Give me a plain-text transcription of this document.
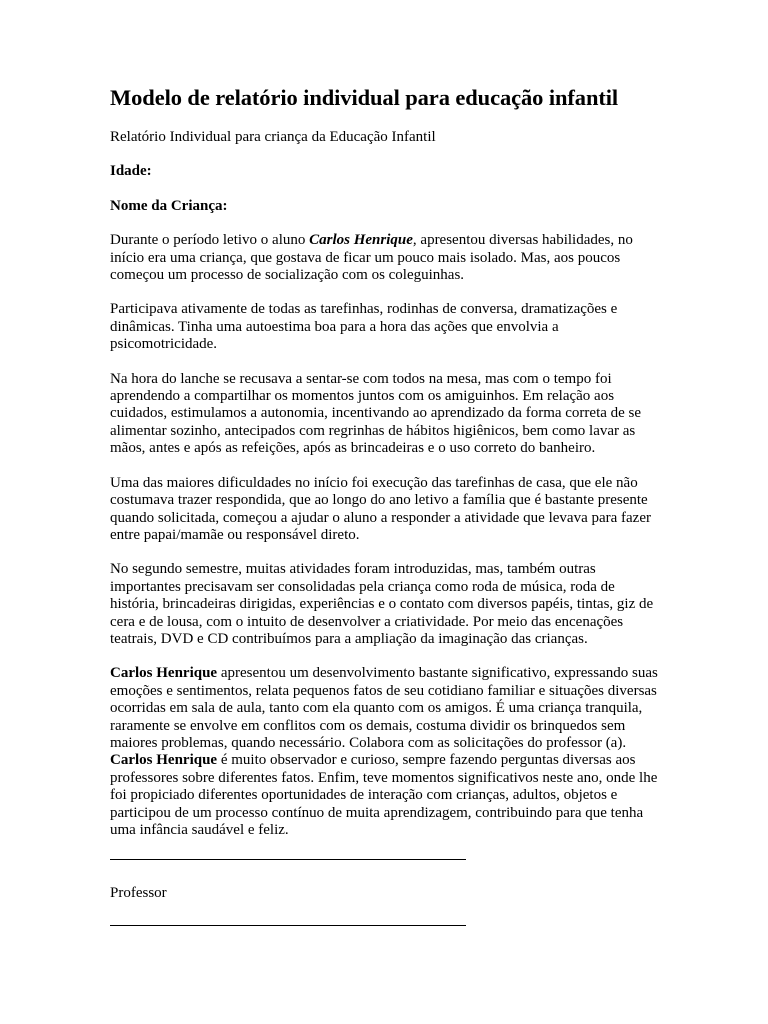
Modelo de relatório individual para educação infantil

Relatório Individual para criança da Educação Infantil

Idade:

Nome da Criança:

Durante o período letivo o aluno Carlos Henrique, apresentou diversas habilidades, no início era uma criança, que gostava de ficar um pouco mais isolado. Mas, aos poucos começou um processo de socialização com os coleguinhas.

Participava ativamente de todas as tarefinhas, rodinhas de conversa, dramatizações e dinâmicas. Tinha uma autoestima boa para a hora das ações que envolvia a psicomotricidade.

Na hora do lanche se recusava a sentar-se com todos na mesa, mas com o tempo foi aprendendo a compartilhar os momentos juntos com os amiguinhos. Em relação aos cuidados, estimulamos a autonomia, incentivando ao aprendizado da forma correta de se alimentar sozinho, antecipados com regrinhas de hábitos higiênicos, bem como lavar as mãos, antes e após as refeições, após as brincadeiras e o uso correto do banheiro.

Uma das maiores dificuldades no início foi execução das tarefinhas de casa, que ele não costumava trazer respondida, que ao longo do ano letivo a família que é bastante presente quando solicitada, começou a ajudar o aluno a responder a atividade que levava para fazer entre papai/mamãe ou responsável direto.

No segundo semestre, muitas atividades foram introduzidas, mas, também outras importantes precisavam ser consolidadas pela criança como roda de música, roda de história, brincadeiras dirigidas, experiências e o contato com diversos papéis, tintas, giz de cera e de lousa, com o intuito de desenvolver a criatividade. Por meio das encenações teatrais, DVD e CD contribuímos para a ampliação da imaginação das crianças.

Carlos Henrique apresentou um desenvolvimento bastante significativo, expressando suas emoções e sentimentos, relata pequenos fatos de seu cotidiano familiar e situações diversas ocorridas em sala de aula, tanto com ela quanto com os amigos. É uma criança tranquila, raramente se envolve em conflitos com os demais, costuma dividir os brinquedos sem maiores problemas, quando necessário. Colabora com as solicitações do professor (a). Carlos Henrique é muito observador e curioso, sempre fazendo perguntas diversas aos professores sobre diferentes fatos. Enfim, teve momentos significativos neste ano, onde lhe foi propiciado diferentes oportunidades de interação com crianças, adultos, objetos e participou de um processo contínuo de muita aprendizagem, contribuindo para que tenha uma infância saudável e feliz.

Professor
